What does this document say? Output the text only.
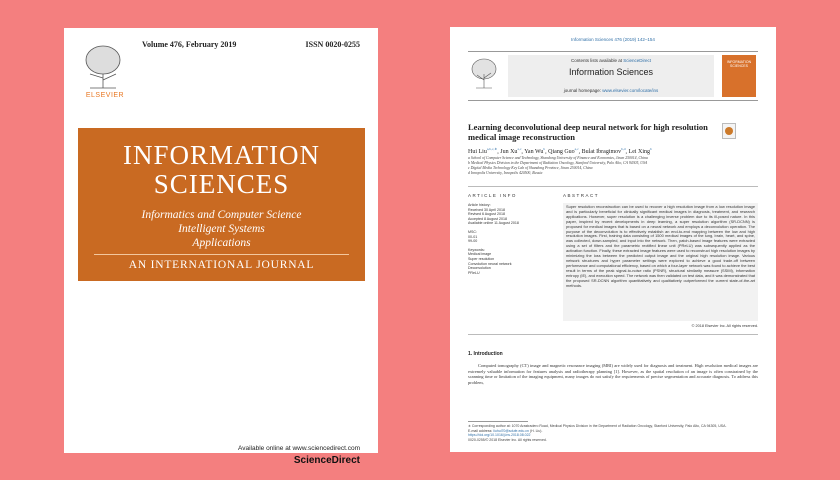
ELSEVIER
Volume 476, February 2019	ISSN 0020-0255
INFORMATION
SCIENCES
Informatics and Computer Science
Intelligent Systems
Applications
AN INTERNATIONAL JOURNAL
Available online at www.sciencedirect.com
ScienceDirect
Information Sciences 476 (2019) 142–154
Contents lists available at ScienceDirect
Information Sciences
journal homepage: www.elsevier.com/locate/ins
INFORMATION SCIENCES
Learning deconvolutional deep neural network for high resolution medical image reconstruction
Hui Liu$^{a,b,c,∗}$, Jun Xu$^{a,c}$, Yan Wu$^b$, Qiang Guo$^{a,c}$, Bulat Ibragimov$^{b,d}$, Lei Xing$^b$
a School of Computer Science and Technology, Shandong University of Finance and Economics, Jinan 250014, China
b Medical Physics Division in the Department of Radiation Oncology, Stanford University, Palo Alto, CA 94305, USA
c Digital Media Technology Key Lab of Shandong Province, Jinan 250014, China
d Innopolis University, Innopolis 420500, Russia
ARTICLE INFO	ABSTRACT
Article history:
Received 30 April 2018
Revised 6 August 2018
Accepted 8 August 2018
Available online 11 August 2018
MSC:
00-01
99-00
Keywords:
Medical image
Super resolution
Convolution neural network
Deconvolution
PReLU
Super resolution reconstruction can be used to recover a high resolution image from a low resolution image and is particularly beneficial for clinically significant medical images in diagnosis, treatment, and research applications. However, super resolution is a challenging inverse problem due to its ill-posed nature. In this paper, inspired by recent developments in deep learning, a super resolution algorithm (SR-DCNN) is proposed for medical images that is based on a neural network and employs a deconvolution operation. The purpose of the deconvolution is to effectively establish an end-to-end mapping between the low and high resolution images. First, training data consisting of 1500 medical images of the lung, brain, heart, and spine, was collected, down-sampled, and input into the network. Then, patch-based image features were extracted using a set of filters and the parametric rectified linear unit (PReLU) was subsequently applied as the activation function. Finally, these extracted image features were used to reconstruct high resolution images by minimizing the loss between the predicted output image and the original high resolution image. Various network structures and hyper parameter settings were explored to achieve a good trade-off between performance and computational efficiency, based on which a four-layer network was found to achieve the best result in terms of the peak signal-to-noise ratio (PSNR), structural similarity measure (SSIM), information entropy (IE), and execution speed. The network was then validated on test data, and it was demonstrated that the proposed SR-DCNN algorithm quantitatively and qualitatively outperformed the current state-of-the-art methods.
© 2018 Elsevier Inc. All rights reserved.
1. Introduction
Computed tomography (CT) image and magnetic resonance imaging (MRI) are widely used for diagnosis and treatment. High resolution medical images are extremely valuable information for features analysis and radiotherapy planning [1]. However, as the spatial resolution of an image is often constrained by the scanning time or limitation of the imaging equipment, many images do not satisfy the requirements of precise segmentation and accurate diagnosis. To address this problem,
∗ Corresponding author at: 1070 Arastradero Road, Medical Physics Division in the Department of Radiation Oncology, Stanford University, Palo Alto, CA 94305, USA.
E-mail address: liuhui70@sdufe.edu.cn (H. Liu).
https://doi.org/10.1016/j.ins.2018.08.022
0020-0255/© 2018 Elsevier Inc. All rights reserved.
